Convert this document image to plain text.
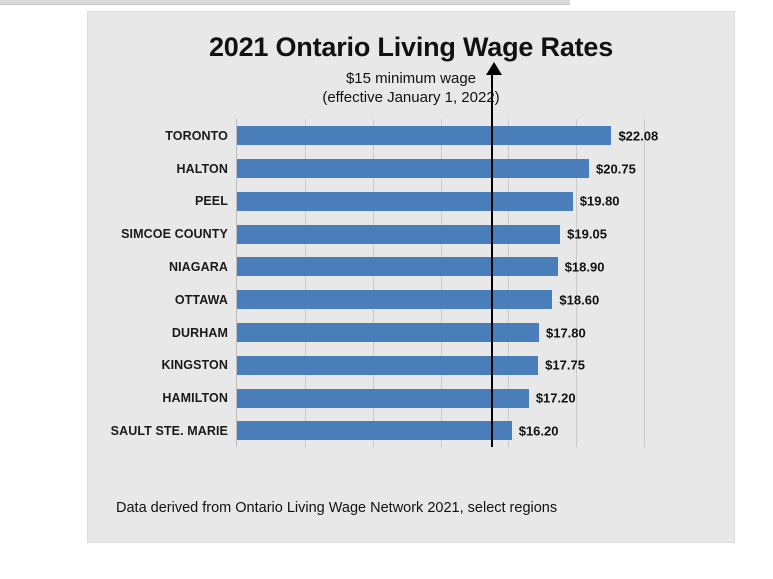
2021 Ontario Living Wage Rates
$15 minimum wage
(effective January 1, 2022)
TORONTO	$22.08
HALTON	$20.75
PEEL	$19.80
SIMCOE COUNTY	$19.05
NIAGARA	$18.90
OTTAWA	$18.60
DURHAM	$17.80
KINGSTON	$17.75
HAMILTON	$17.20
SAULT STE. MARIE	$16.20
Data derived from Ontario Living Wage Network 2021, select regions
